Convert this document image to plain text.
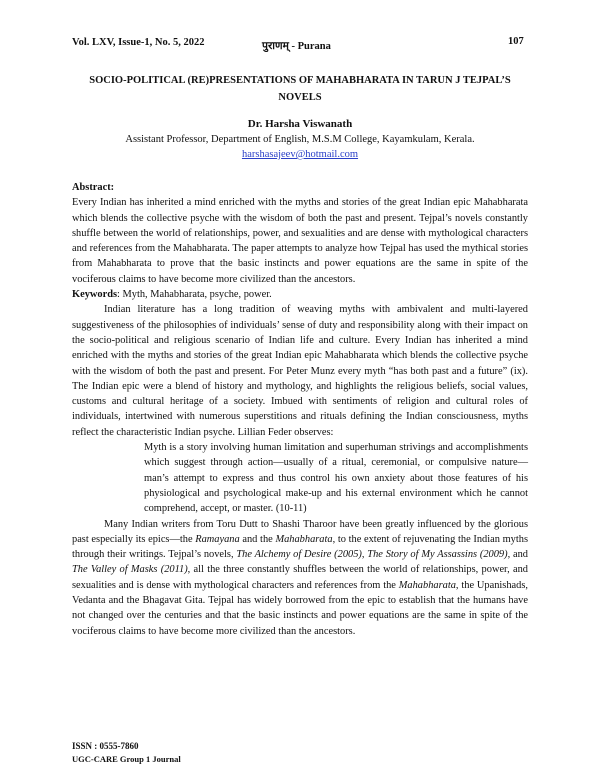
Vol. LXV, Issue-1, No. 5, 2022	पुराणम् - Purana	107
SOCIO-POLITICAL (RE)PRESENTATIONS OF MAHABHARATA IN TARUN J TEJPAL’S NOVELS
Dr. Harsha Viswanath
Assistant Professor, Department of English, M.S.M College, Kayamkulam, Kerala.
harshasajeev@hotmail.com

Abstract:

Every Indian has inherited a mind enriched with the myths and stories of the great Indian epic Mahabharata which blends the collective psyche with the wisdom of both the past and present. Tejpal’s novels constantly shuffle between the world of relationships, power, and sexualities and are dense with mythological characters and references from the Mahabharata. The paper attempts to analyze how Tejpal has used the mythical stories from Mahabharata to prove that the basic instincts and power equations are the same in spite of the vociferous claims to have become more civilized than the ancestors.

Keywords: Myth, Mahabharata, psyche, power.

Indian literature has a long tradition of weaving myths with ambivalent and multi-layered suggestiveness of the philosophies of individuals’ sense of duty and responsibility along with their impact on the socio-political and religious scenario of Indian life and culture. Every Indian has inherited a mind enriched with the myths and stories of the great Indian epic Mahabharata which blends the collective psyche with the wisdom of both the past and present. For Peter Munz every myth “has both past and a future” (ix). The Indian epic were a blend of history and mythology, and highlights the religious beliefs, social values, customs and cultural heritage of a society. Imbued with sentiments of religion and cultural roles of individuals, intertwined with numerous superstitions and rituals defining the Indian consciousness, myths reflect the characteristic Indian psyche. Lillian Feder observes:

Myth is a story involving human limitation and superhuman strivings and accomplishments which suggest through action—usually of a ritual, ceremonial, or compulsive nature—man’s attempt to express and thus control his own anxiety about those features of his physiological and psychological make-up and his external environment which he cannot comprehend, accept, or master. (10-11)

Many Indian writers from Toru Dutt to Shashi Tharoor have been greatly influenced by the glorious past especially its epics—the Ramayana and the Mahabharata, to the extent of rejuvenating the Indian myths through their writings. Tejpal’s novels, The Alchemy of Desire (2005), The Story of My Assassins (2009), and The Valley of Masks (2011), all the three constantly shuffles between the world of relationships, power, and sexualities and is dense with mythological characters and references from the Mahabharata, the Upanishads, Vedanta and the Bhagavat Gita. Tejpal has widely borrowed from the epic to establish that the humans have not changed over the centuries and that the basic instincts and power equations are the same in spite of the vociferous claims to have become more civilized than the ancestors.

ISSN : 0555-7860
UGC-CARE Group 1 Journal
